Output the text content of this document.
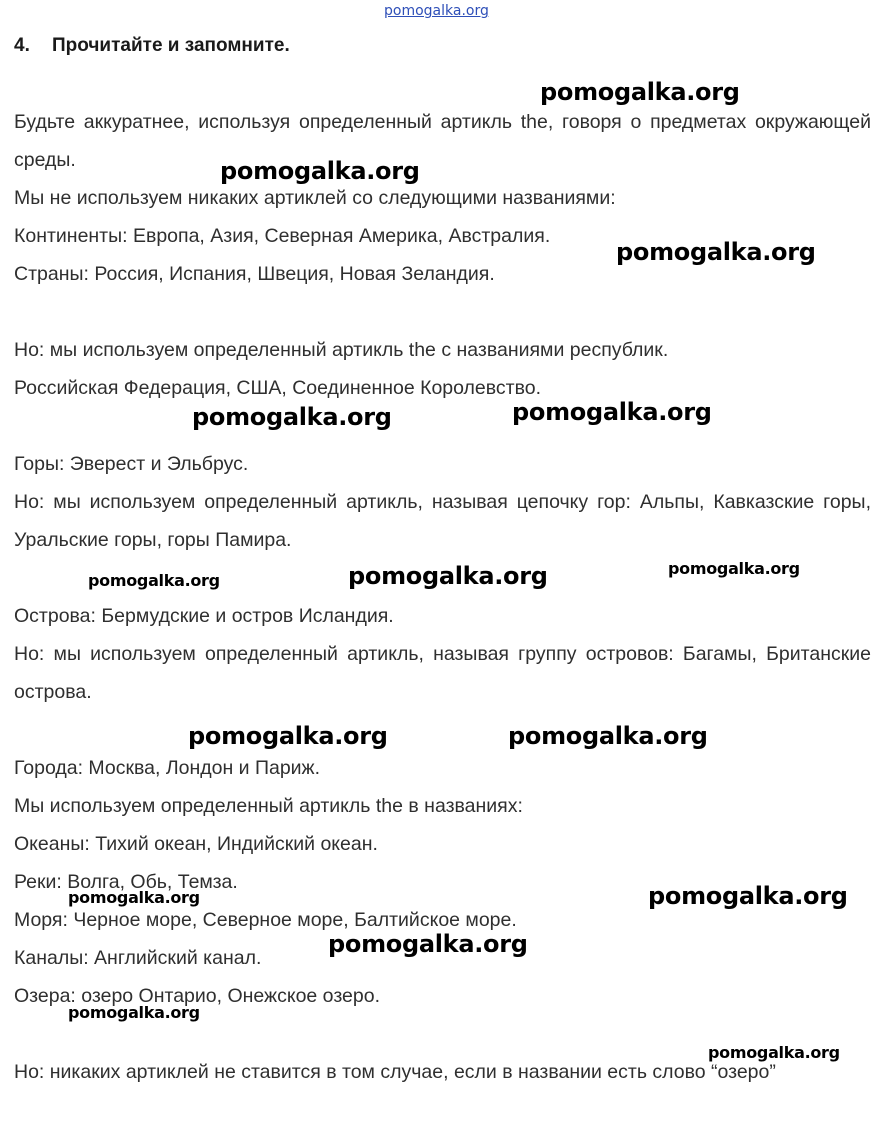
pomogalka.org
4. Прочитайте и запомните.
Будьте аккуратнее, используя определенный артикль the, говоря о предметах окружающей среды.
Мы не используем никаких артиклей со следующими названиями:
Континенты: Европа, Азия, Северная Америка, Австралия.
Страны: Россия, Испания, Швеция, Новая Зеландия.
Но: мы используем определенный артикль the с названиями республик.
Российская Федерация, США, Соединенное Королевство.
Горы: Эверест и Эльбрус.
Но: мы используем определенный артикль, называя цепочку гор: Альпы, Кавказские горы, Уральские горы, горы Памира.
Острова: Бермудские и остров Исландия.
Но: мы используем определенный артикль, называя группу островов: Багамы, Британские острова.
Города: Москва, Лондон и Париж.
Мы используем определенный артикль the в названиях:
Океаны: Тихий океан, Индийский океан.
Реки: Волга, Обь, Темза.
Моря: Черное море, Северное море, Балтийское море.
Каналы: Английский канал.
Озера: озеро Онтарио, Онежское озеро.
Но: никаких артиклей не ставится в том случае, если в названии есть слово “озеро”
pomogalka.org
pomogalka.org
pomogalka.org
pomogalka.org	pomogalka.org
pomogalka.org	pomogalka.org	pomogalka.org
pomogalka.org	pomogalka.org
pomogalka.org	pomogalka.org
pomogalka.org
pomogalka.org
pomogalka.org
